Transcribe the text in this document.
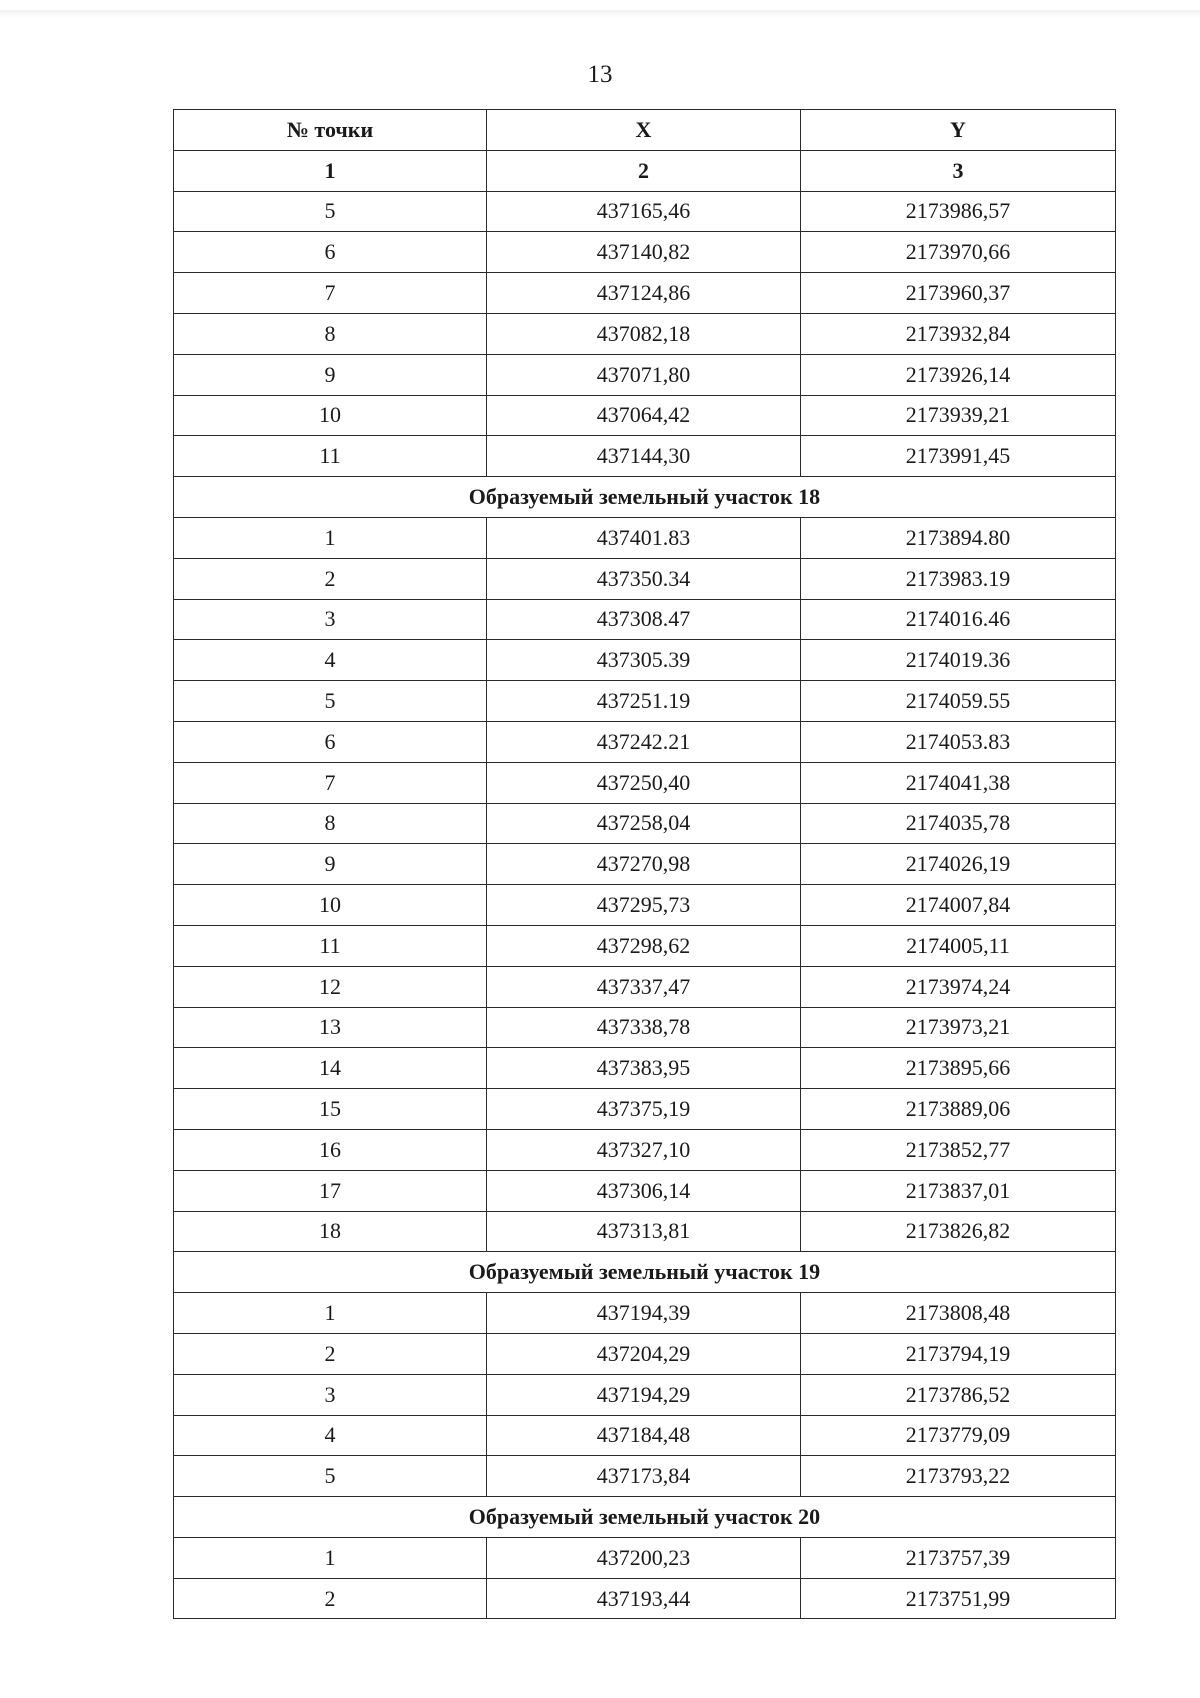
13
№ точки	X	Y
1	2	3
5	437165,46	2173986,57
6	437140,82	2173970,66
7	437124,86	2173960,37
8	437082,18	2173932,84
9	437071,80	2173926,14
10	437064,42	2173939,21
11	437144,30	2173991,45
Образуемый земельный участок 18		
1	437401.83	2173894.80
2	437350.34	2173983.19
3	437308.47	2174016.46
4	437305.39	2174019.36
5	437251.19	2174059.55
6	437242.21	2174053.83
7	437250,40	2174041,38
8	437258,04	2174035,78
9	437270,98	2174026,19
10	437295,73	2174007,84
11	437298,62	2174005,11
12	437337,47	2173974,24
13	437338,78	2173973,21
14	437383,95	2173895,66
15	437375,19	2173889,06
16	437327,10	2173852,77
17	437306,14	2173837,01
18	437313,81	2173826,82
Образуемый земельный участок 19		
1	437194,39	2173808,48
2	437204,29	2173794,19
3	437194,29	2173786,52
4	437184,48	2173779,09
5	437173,84	2173793,22
Образуемый земельный участок 20		
1	437200,23	2173757,39
2	437193,44	2173751,99
